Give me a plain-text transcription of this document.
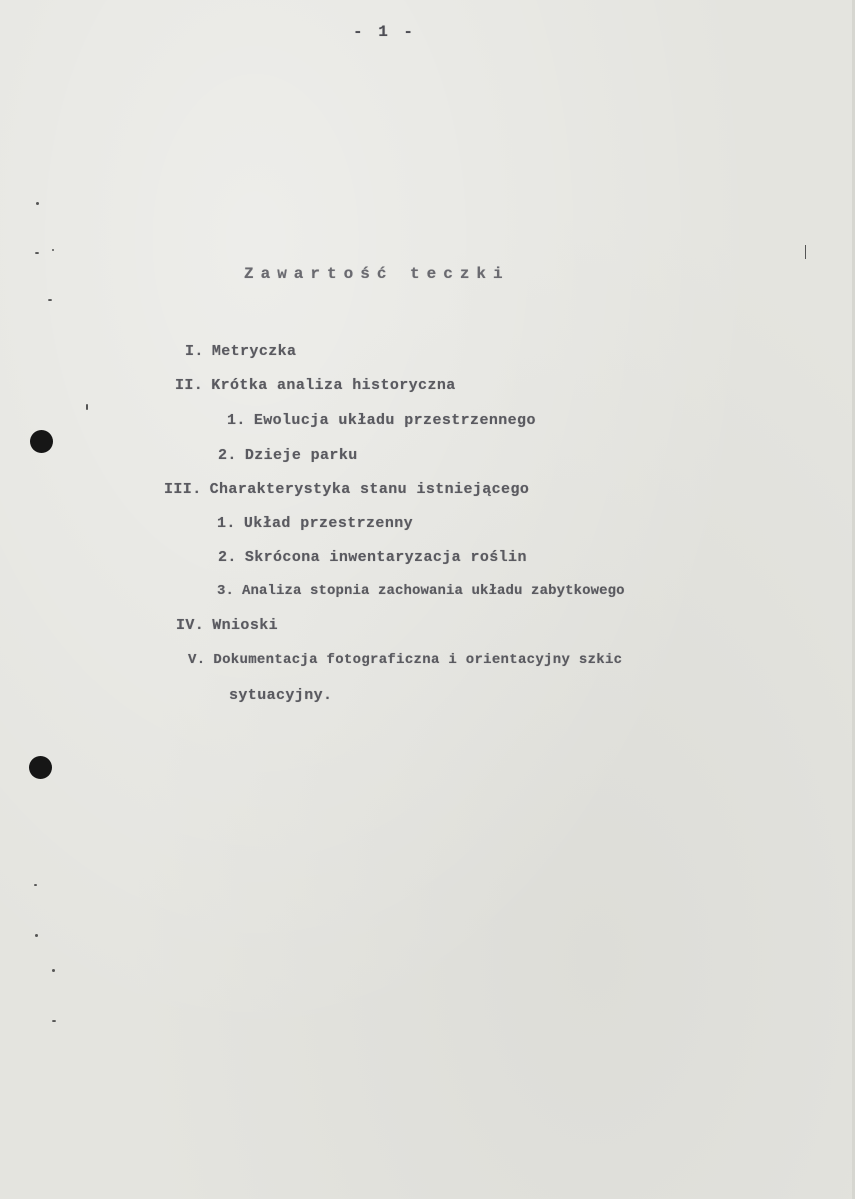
- 1 -
Zawartość teczki
I. Metryczka
II. Krótka analiza historyczna
1. Ewolucja układu przestrzennego
2. Dzieje parku
III. Charakterystyka stanu istniejącego
1. Układ przestrzenny
2. Skrócona inwentaryzacja roślin
3. Analiza stopnia zachowania układu zabytkowego
IV. Wnioski
V. Dokumentacja fotograficzna i orientacyjny szkic
sytuacyjny.
